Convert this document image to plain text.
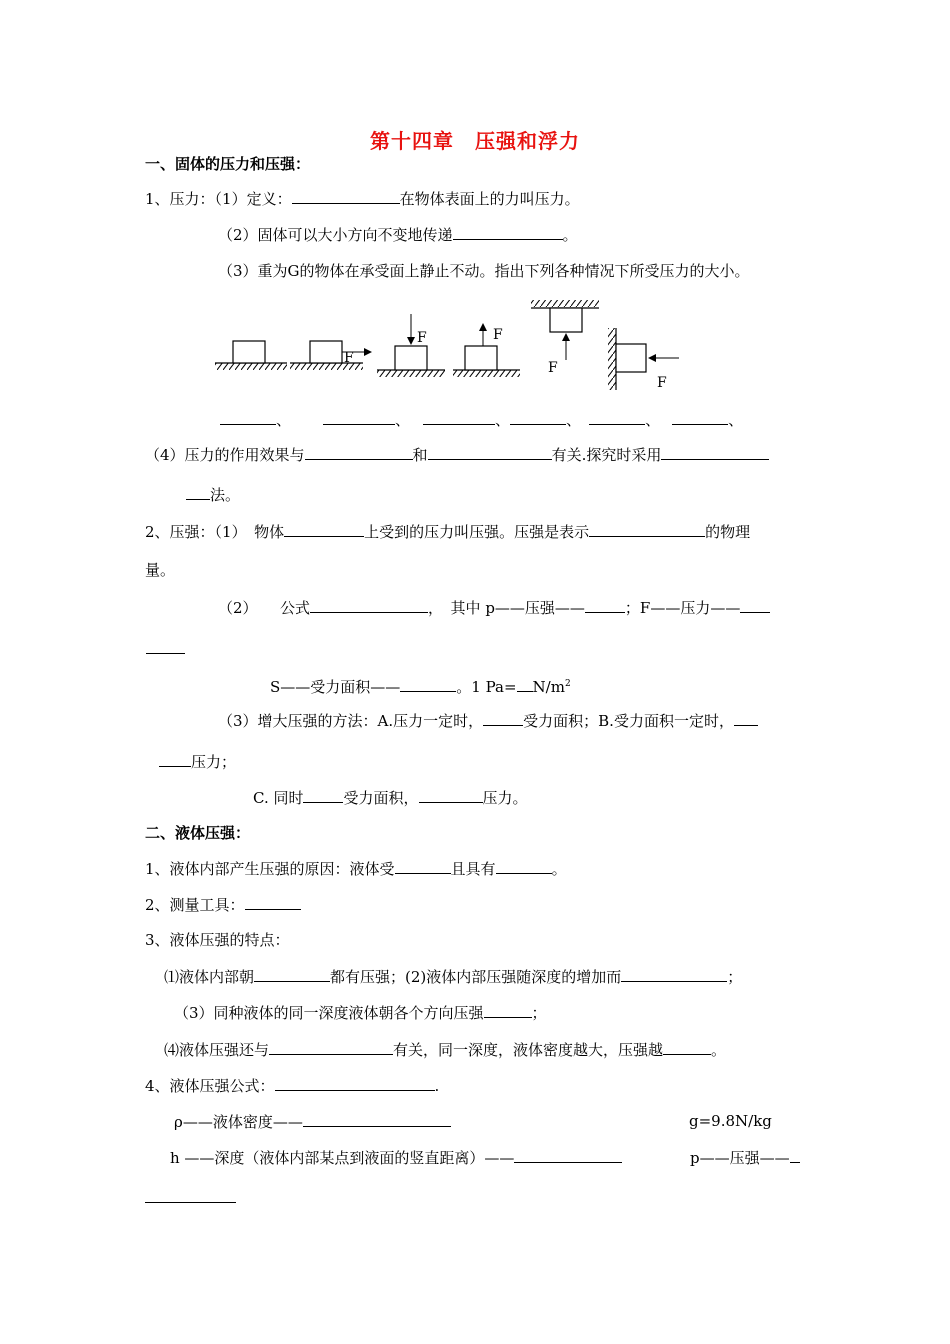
第十四章　压强和浮力
一、固体的压力和压强：
1、压力：（1）定义：	在物体表面上的力叫压力。
（2）固体可以大小方向不变地传递	。
（3）重为G的物体在承受面上静止不动。指出下列各种情况下所受压力的大小。
F
F	F
F
F
、	、	、	、	、	、
（4）压力的作用效果与	和	有关.探究时采用
法。
2、压强：（1）　物体	上受到的压力叫压强。压强是表示	的物理
量。
（2）　　公式	，　其中 p——压强——	；F——压力——
S——受力面积——	。1 $Pa= N/m^2$
（3）增大压强的方法：A.压力一定时，	受力面积；B.受力面积一定时，
压力；
C. 同时	受力面积，	压力。
二、液体压强：
1、液体内部产生压强的原因：液体受	且具有	。
2、测量工具：
3、液体压强的特点：
⑴液体内部朝	都有压强；(2)液体内部压强随深度的增加而	；
（3）同种液体的同一深度液体朝各个方向压强	；
⑷液体压强还与	有关，同一深度，液体密度越大，压强越	。
4、液体压强公式：	.
ρ——液体密度——	g=9.8N/kg
h ——深度（液体内部某点到液面的竖直距离）——	p——压强——
